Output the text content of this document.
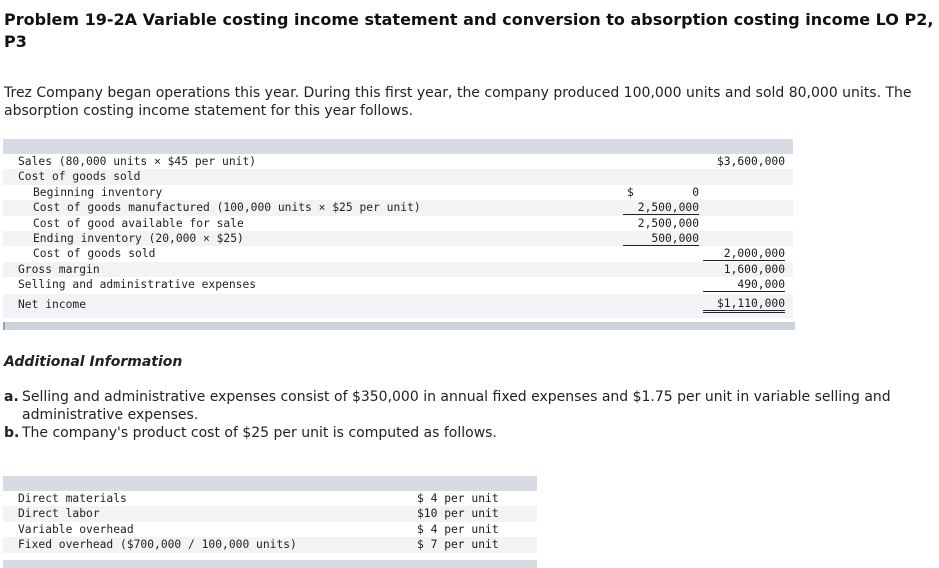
Problem 19-2A Variable costing income statement and conversion to absorption costing income LO P2, P3
Trez Company began operations this year. During this first year, the company produced 100,000 units and sold 80,000 units. The absorption costing income statement for this year follows.
Sales (80,000 units × $45 per unit)	$3,600,000
Cost of goods sold
Beginning inventory	$	0
Cost of goods manufactured (100,000 units × $25 per unit)	2,500,000
Cost of good available for sale	2,500,000
Ending inventory (20,000 × $25)	500,000
Cost of goods sold	2,000,000
Gross margin	1,600,000
Selling and administrative expenses	490,000
Net income	$1,110,000
Additional Information
a. Selling and administrative expenses consist of $350,000 in annual fixed expenses and $1.75 per unit in variable selling and administrative expenses.
b. The company's product cost of $25 per unit is computed as follows.
Direct materials	$ 4 per unit
Direct labor	$10 per unit
Variable overhead	$ 4 per unit
Fixed overhead ($700,000 / 100,000 units)	$ 7 per unit
